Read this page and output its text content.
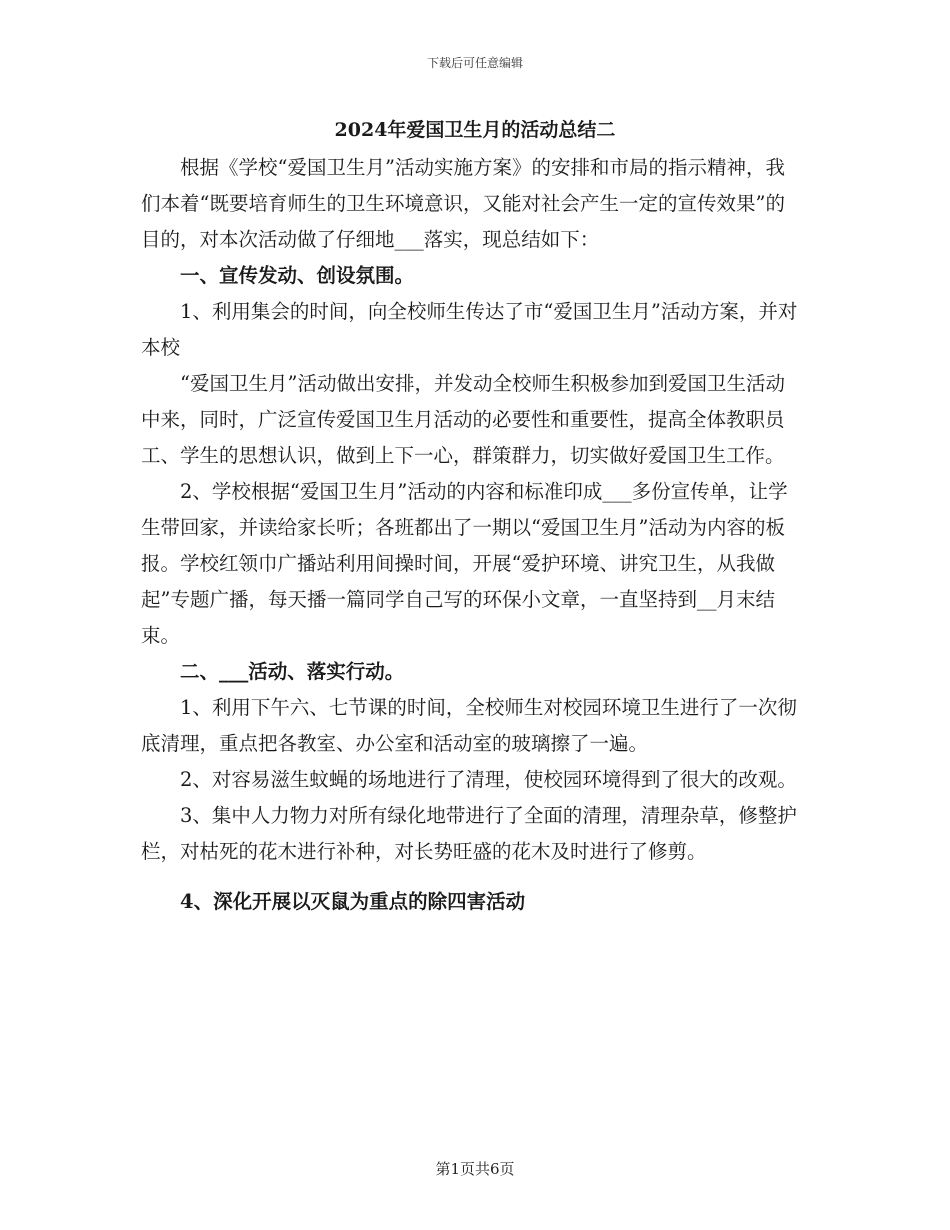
下载后可任意编辑
2024年爱国卫生月的活动总结二

根据《学校“爱国卫生月”活动实施方案》的安排和市局的指示精神，我们本着“既要培育师生的卫生环境意识，又能对社会产生一定的宣传效果”的目的，对本次活动做了仔细地___落实，现总结如下：

一、宣传发动、创设氛围。

1、利用集会的时间，向全校师生传达了市“爱国卫生月”活动方案，并对本校

“爱国卫生月”活动做出安排，并发动全校师生积极参加到爱国卫生活动中来，同时，广泛宣传爱国卫生月活动的必要性和重要性，提高全体教职员工、学生的思想认识，做到上下一心，群策群力，切实做好爱国卫生工作。

2、学校根据“爱国卫生月”活动的内容和标准印成___多份宣传单，让学生带回家，并读给家长听；各班都出了一期以“爱国卫生月”活动为内容的板报。学校红领巾广播站利用间操时间，开展“爱护环境、讲究卫生，从我做起”专题广播，每天播一篇同学自己写的环保小文章，一直坚持到__月末结束。

二、___活动、落实行动。

1、利用下午六、七节课的时间，全校师生对校园环境卫生进行了一次彻底清理，重点把各教室、办公室和活动室的玻璃擦了一遍。

2、对容易滋生蚊蝇的场地进行了清理，使校园环境得到了很大的改观。

3、集中人力物力对所有绿化地带进行了全面的清理，清理杂草，修整护栏，对枯死的花木进行补种，对长势旺盛的花木及时进行了修剪。

4、深化开展以灭鼠为重点的除四害活动

第1页共6页
